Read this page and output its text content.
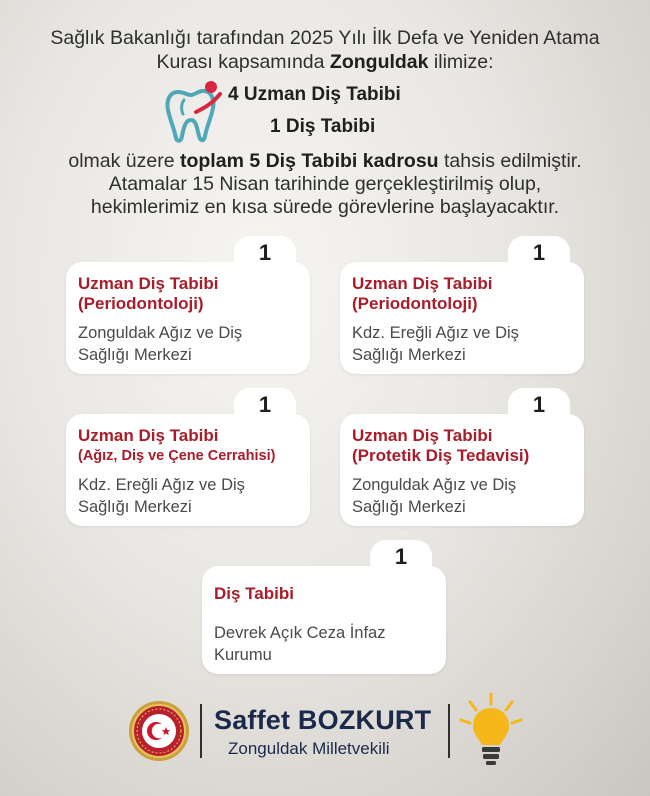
Sağlık Bakanlığı tarafından 2025 Yılı İlk Defa ve Yeniden Atama
Kurası kapsamında Zonguldak ilimize:
4 Uzman Diş Tabibi
1 Diş Tabibi
olmak üzere toplam 5 Diş Tabibi kadrosu tahsis edilmiştir.
Atamalar 15 Nisan tarihinde gerçekleştirilmiş olup,
hekimlerimiz en kısa sürede görevlerine başlayacaktır.
1
Uzman Diş Tabibi
(Periodontoloji)
Zonguldak Ağız ve Diş
Sağlığı Merkezi
1
Uzman Diş Tabibi
(Periodontoloji)
Kdz. Ereğli Ağız ve Diş
Sağlığı Merkezi
1
Uzman Diş Tabibi
(Ağız, Diş ve Çene Cerrahisi)
Kdz. Ereğli Ağız ve Diş
Sağlığı Merkezi
1
Uzman Diş Tabibi
(Protetik Diş Tedavisi)
Zonguldak Ağız ve Diş
Sağlığı Merkezi
1
Diş Tabibi
Devrek Açık Ceza İnfaz
Kurumu
Saffet BOZKURT
Zonguldak Milletvekili
